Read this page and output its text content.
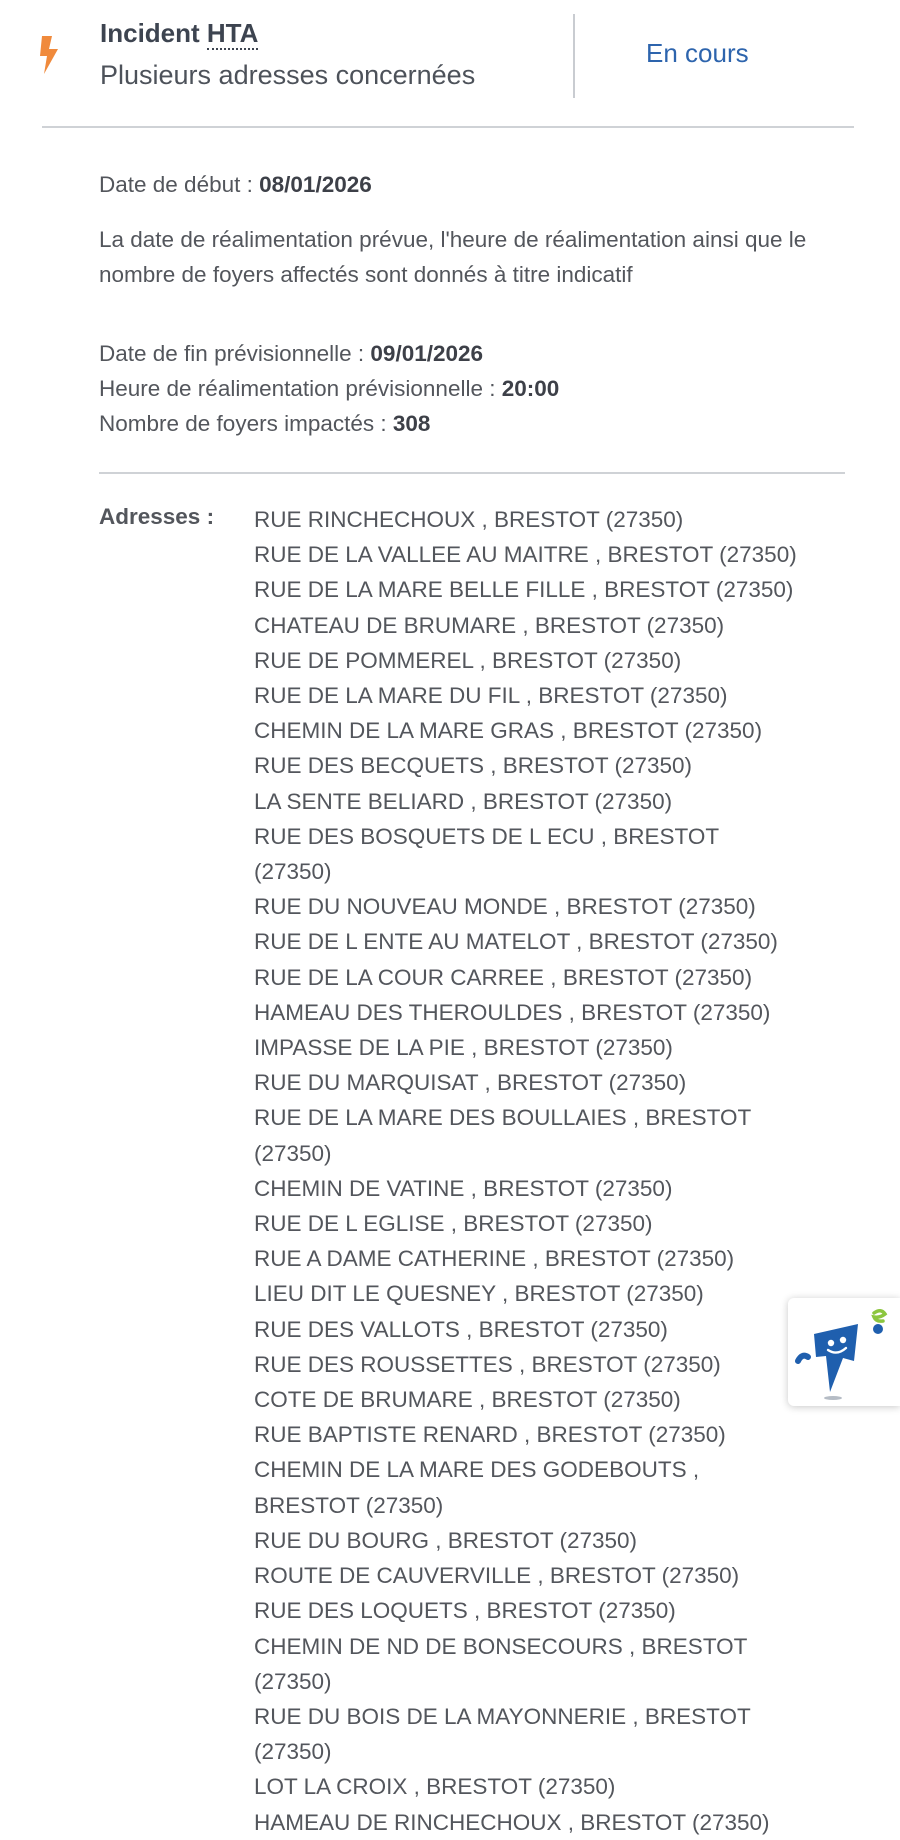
Incident HTA
Plusieurs adresses concernées
En cours
Date de début : 08/01/2026
La date de réalimentation prévue, l'heure de réalimentation ainsi que le nombre de foyers affectés sont donnés à titre indicatif
Date de fin prévisionnelle : 09/01/2026
Heure de réalimentation prévisionnelle : 20:00
Nombre de foyers impactés : 308
Adresses : RUE RINCHECHOUX , BRESTOT (27350)
RUE DE LA VALLEE AU MAITRE , BRESTOT (27350)
RUE DE LA MARE BELLE FILLE , BRESTOT (27350)
CHATEAU DE BRUMARE , BRESTOT (27350)
RUE DE POMMEREL , BRESTOT (27350)
RUE DE LA MARE DU FIL , BRESTOT (27350)
CHEMIN DE LA MARE GRAS , BRESTOT (27350)
RUE DES BECQUETS , BRESTOT (27350)
LA SENTE BELIARD , BRESTOT (27350)
RUE DES BOSQUETS DE L ECU , BRESTOT (27350)
RUE DU NOUVEAU MONDE , BRESTOT (27350)
RUE DE L ENTE AU MATELOT , BRESTOT (27350)
RUE DE LA COUR CARREE , BRESTOT (27350)
HAMEAU DES THEROULDES , BRESTOT (27350)
IMPASSE DE LA PIE , BRESTOT (27350)
RUE DU MARQUISAT , BRESTOT (27350)
RUE DE LA MARE DES BOULLAIES , BRESTOT (27350)
CHEMIN DE VATINE , BRESTOT (27350)
RUE DE L EGLISE , BRESTOT (27350)
RUE A DAME CATHERINE , BRESTOT (27350)
LIEU DIT LE QUESNEY , BRESTOT (27350)
RUE DES VALLOTS , BRESTOT (27350)
RUE DES ROUSSETTES , BRESTOT (27350)
COTE DE BRUMARE , BRESTOT (27350)
RUE BAPTISTE RENARD , BRESTOT (27350)
CHEMIN DE LA MARE DES GODEBOUTS , BRESTOT (27350)
RUE DU BOURG , BRESTOT (27350)
ROUTE DE CAUVERVILLE , BRESTOT (27350)
RUE DES LOQUETS , BRESTOT (27350)
CHEMIN DE ND DE BONSECOURS , BRESTOT (27350)
RUE DU BOIS DE LA MAYONNERIE , BRESTOT (27350)
LOT LA CROIX , BRESTOT (27350)
HAMEAU DE RINCHECHOUX , BRESTOT (27350)
